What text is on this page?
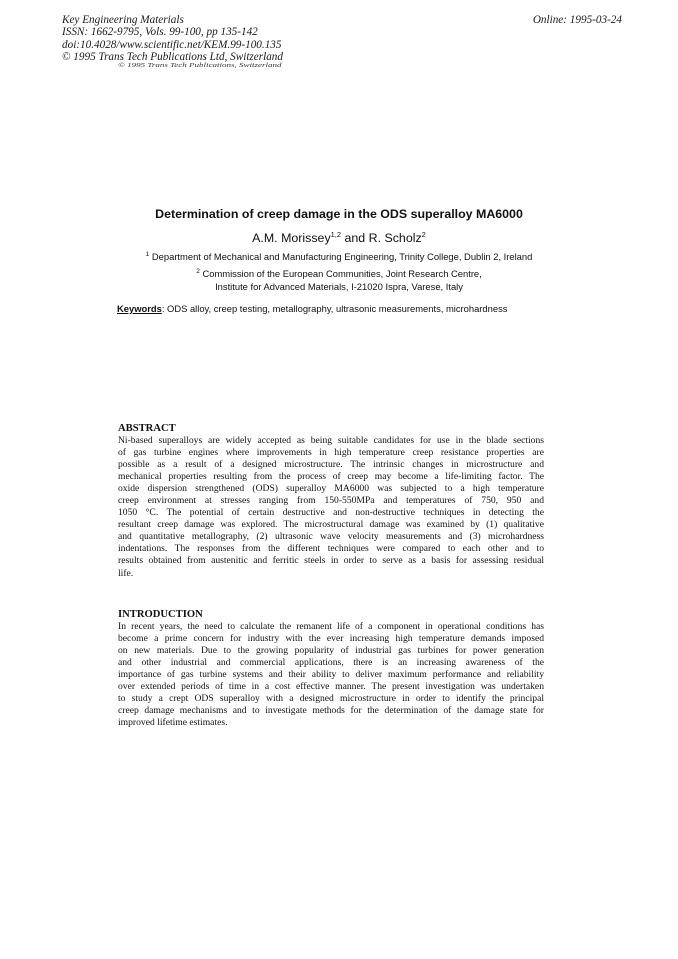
Key Engineering Materials
ISSN: 1662-9795, Vols. 99-100, pp 135-142
doi:10.4028/www.scientific.net/KEM.99-100.135
© 1995 Trans Tech Publications Ltd, Switzerland
Online: 1995-03-24
© 1995 Trans Tech Publications, Switzerland
Determination of creep damage in the ODS superalloy MA6000
A.M. Morissey$^{1,2}$ and R. Scholz$^2$
$^1$ Department of Mechanical and Manufacturing Engineering, Trinity College, Dublin 2, Ireland
$^2$ Commission of the European Communities, Joint Research Centre,
Institute for Advanced Materials, I-21020 Ispra, Varese, Italy
Keywords: ODS alloy, creep testing, metallography, ultrasonic measurements, microhardness
ABSTRACT
Ni-based superalloys are widely accepted as being suitable candidates for use in the blade sections
of gas turbine engines where improvements in high temperature creep resistance properties are
possible as a result of a designed microstructure. The intrinsic changes in microstructure and
mechanical properties resulting from the process of creep may become a life-limiting factor. The
oxide dispersion strengthened (ODS) superalloy MA6000 was subjected to a high temperature
creep environment at stresses ranging from 150-550MPa and temperatures of 750, 950 and
1050 °C. The potential of certain destructive and non-destructive techniques in detecting the
resultant creep damage was explored. The microstructural damage was examined by (1) qualitative
and quantitative metallography, (2) ultrasonic wave velocity measurements and (3) microhardness
indentations. The responses from the different techniques were compared to each other and to
results obtained from austenitic and ferritic steels in order to serve as a basis for assessing residual
life.
INTRODUCTION
In recent years, the need to calculate the remanent life of a component in operational conditions has
become a prime concern for industry with the ever increasing high temperature demands imposed
on new materials. Due to the growing popularity of industrial gas turbines for power generation
and other industrial and commercial applications, there is an increasing awareness of the
importance of gas turbine systems and their ability to deliver maximum performance and reliability
over extended periods of time in a cost effective manner. The present investigation was undertaken
to study a crept ODS superalloy with a designed microstructure in order to identify the principal
creep damage mechanisms and to investigate methods for the determination of the damage state for
improved lifetime estimates.
